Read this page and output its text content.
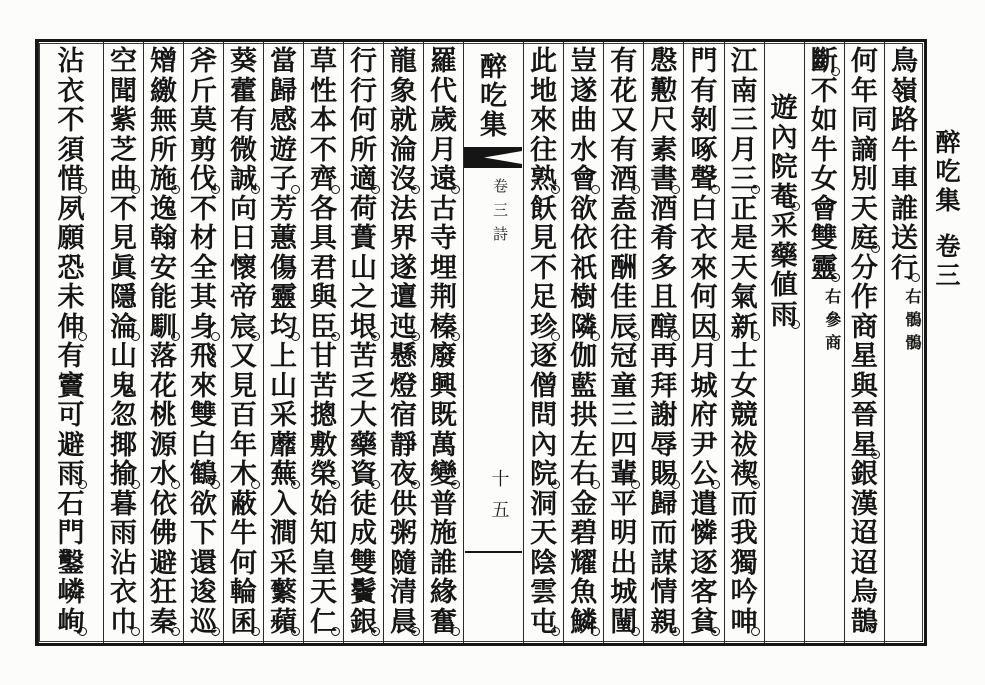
醉
吃
集

卷
三
鳥
嶺
路
牛
車
誰
送
行
右
鶻
鶻
何
年
同
謫
別
天
庭
分
作
商
星
與
晉
星
銀
漢
迢
迢
烏
鵲
斷
不
如
牛
女
會
雙
靈
右
參
商
遊
內
院
菴
采
藥
値
雨
江
南
三
月
三
正
是
天
氣
新
士
女
競
祓
禊
而
我
獨
吟
呻
門
有
剝
啄
聲
白
衣
來
何
因
月
城
府
尹
公
遣
憐
逐
客
貧
慇
懃
尺
素
書
酒
肴
多
且
醇
再
拜
謝
辱
賜
歸
而
謀
情
親
有
花
又
有
酒
盍
往
酬
佳
辰
冠
童
三
四
輩
平
明
出
城
闉
豈
遂
曲
水
會
欲
依
祇
樹
隣
伽
藍
拱
左
右
金
碧
耀
魚
鱗
此
地
來
往
熟
飫
見
不
足
珍
逐
僧
問
內
院
洞
天
陰
雲
屯
醉
吃
集
卷
三
詩
十
五
羅
代
歲
月
遠
古
寺
埋
荆
榛
廢
興
既
萬
變
普
施
誰
緣
奮
龍
象
就
淪
沒
法
界
遂
邅
迍
懸
燈
宿
靜
夜
供
粥
隨
清
晨
行
行
何
所
適
荷
蕢
山
之
垠
苦
乏
大
藥
資
徒
成
雙
鬢
銀
草
性
本
不
齊
各
具
君
與
臣
甘
苦
摠
敷
榮
始
知
皇
天
仁
當
歸
感
遊
子
芳
蕙
傷
靈
均
上
山
采
蘼
蕪
入
澗
采
蘩
蘋
葵
藿
有
微
誠
向
日
懷
帝
宸
又
見
百
年
木
蔽
牛
何
輪
囷
斧
斤
莫
剪
伐
不
材
全
其
身
飛
來
雙
白
鶴
欲
下
還
逡
巡
矰
繳
無
所
施
逸
翰
安
能
馴
落
花
桃
源
水
依
佛
避
狂
秦
空
聞
紫
芝
曲
不
見
眞
隱
淪
山
鬼
忽
揶
揄
暮
雨
沾
衣
巾
沾
衣
不
須
惜
夙
願
恐
未
伸
有
竇
可
避
雨
石
門
鑿
嶙
峋
